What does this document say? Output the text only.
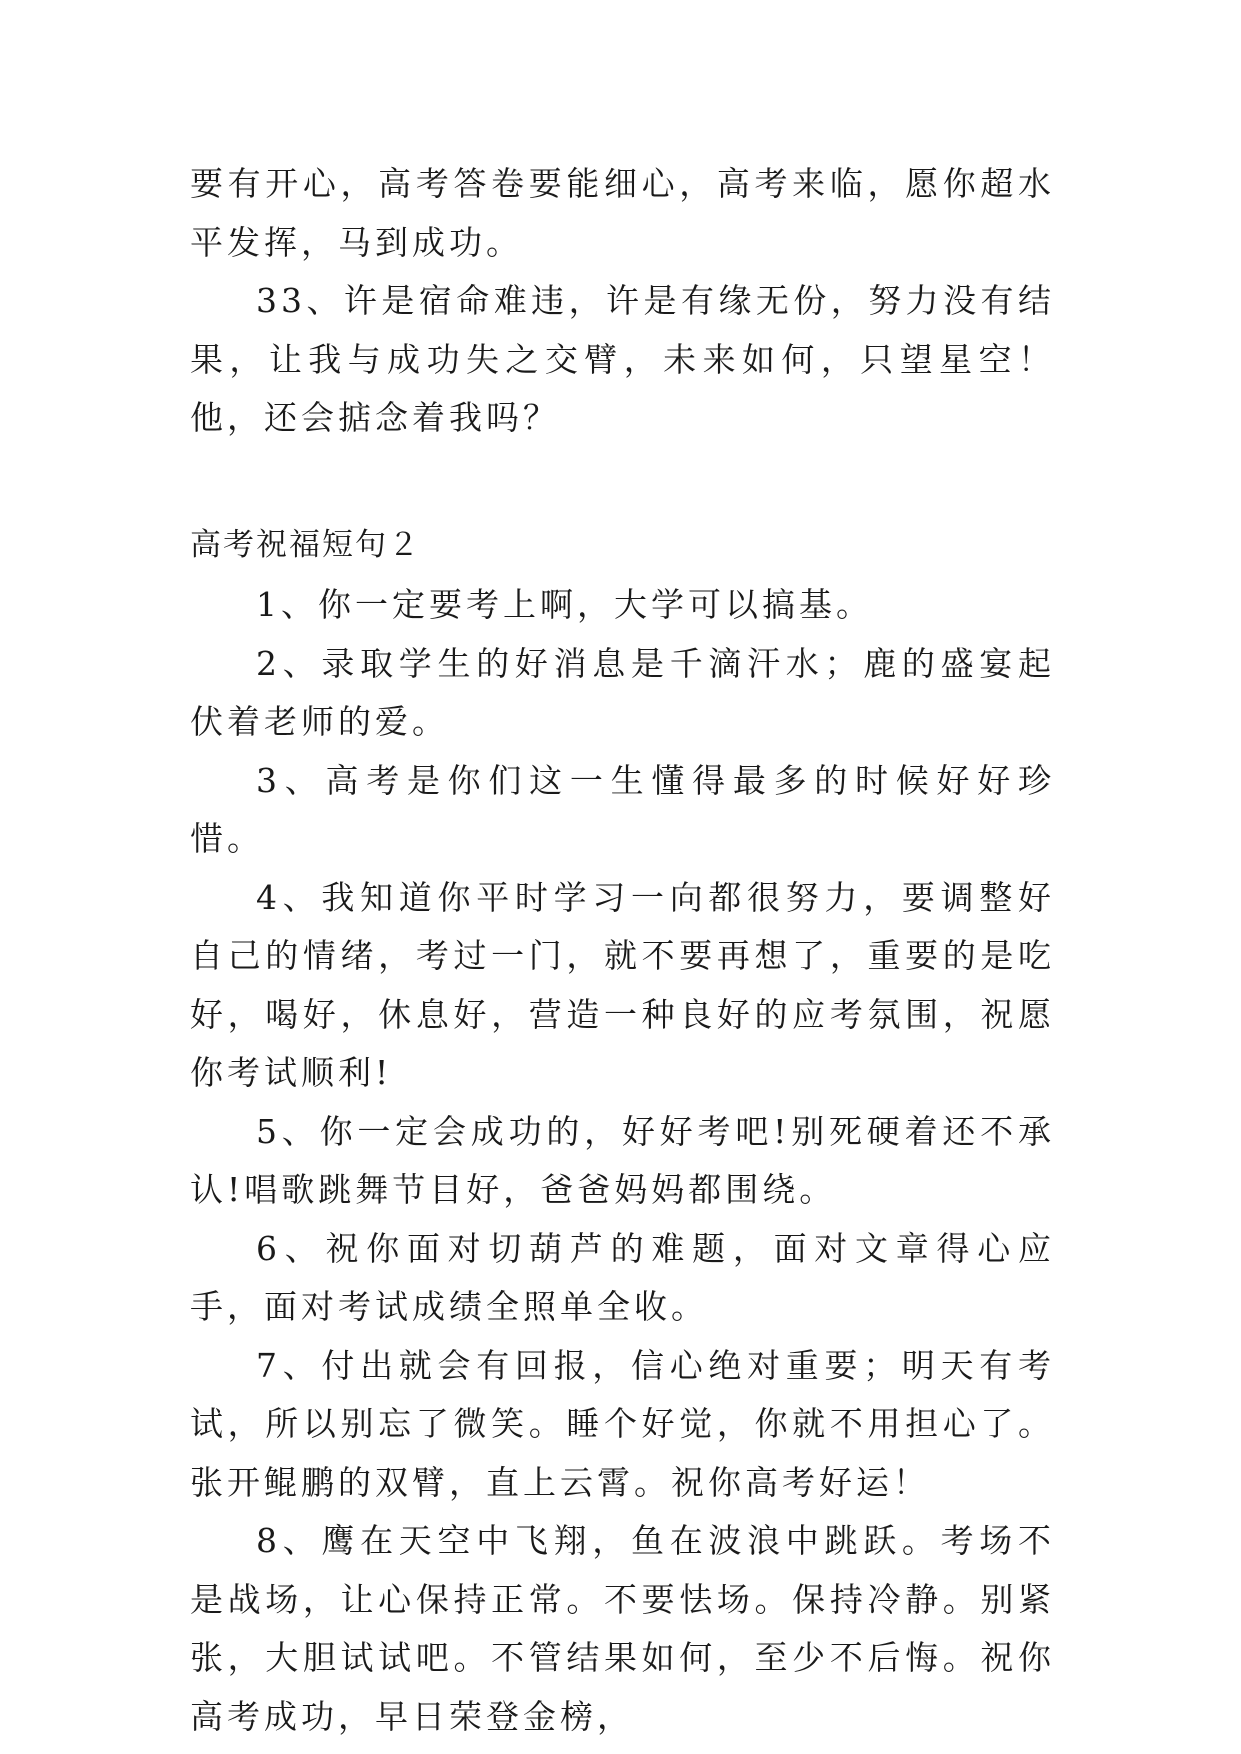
要有开心，高考答卷要能细心，高考来临，愿你超水平发挥，马到成功。

33、许是宿命难违，许是有缘无份，努力没有结果，让我与成功失之交臂，未来如何，只望星空！他，还会掂念着我吗？

高考祝福短句２

1、你一定要考上啊，大学可以搞基。

2、录取学生的好消息是千滴汗水；鹿的盛宴起伏着老师的爱。

3、高考是你们这一生懂得最多的时候好好珍惜。

4、我知道你平时学习一向都很努力，要调整好自己的情绪，考过一门，就不要再想了，重要的是吃好，喝好，休息好，营造一种良好的应考氛围，祝愿你考试顺利!

5、你一定会成功的，好好考吧!别死硬着还不承认!唱歌跳舞节目好，爸爸妈妈都围绕。

6、祝你面对切葫芦的难题，面对文章得心应手，面对考试成绩全照单全收。

7、付出就会有回报，信心绝对重要；明天有考试，所以别忘了微笑。睡个好觉，你就不用担心了。张开鲲鹏的双臂，直上云霄。祝你高考好运！

8、鹰在天空中飞翔，鱼在波浪中跳跃。考场不是战场，让心保持正常。不要怯场。保持冷静。别紧张，大胆试试吧。不管结果如何，至少不后悔。祝你高考成功，早日荣登金榜，
